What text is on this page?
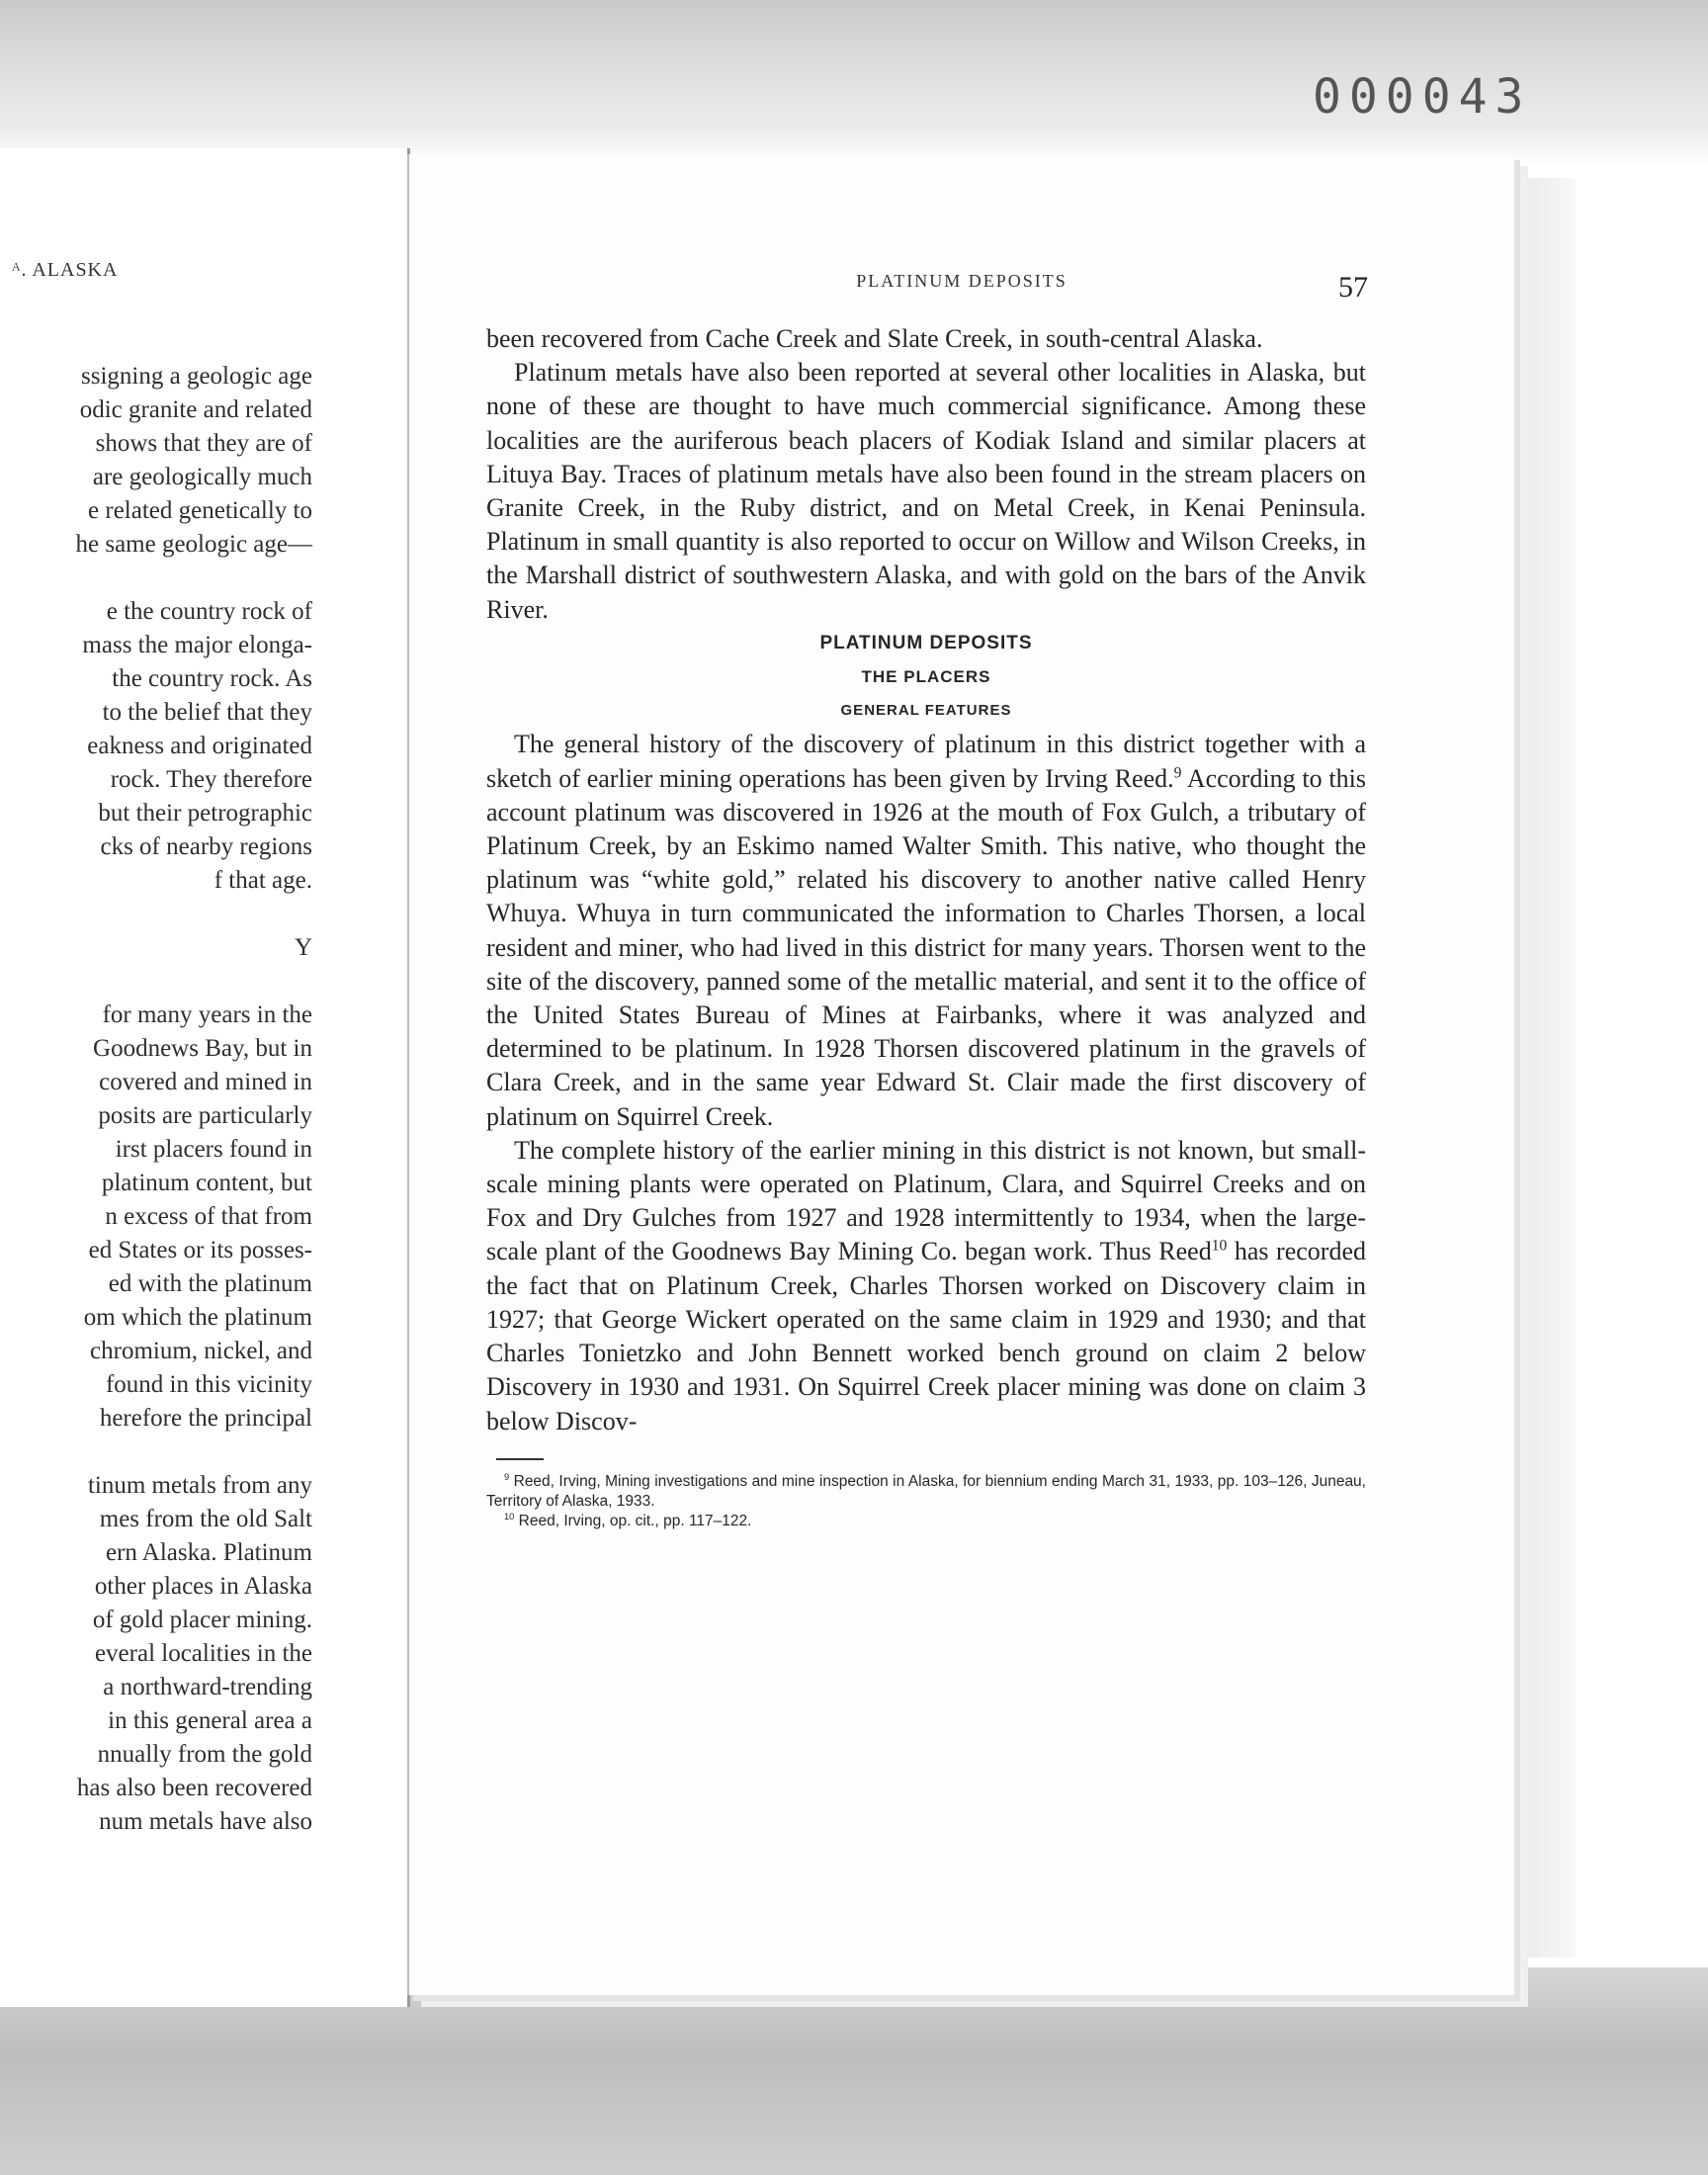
000043
ᴬ. ALASKA
ssigning a geologic age
odic granite and related
shows that they are of
are geologically much
e related genetically to
he same geologic age—
e the country rock of
mass the major elonga-
the country rock. As
to the belief that they
eakness and originated
rock. They therefore
but their petrographic
cks of nearby regions
f that age.
Y
for many years in the
Goodnews Bay, but in
covered and mined in
posits are particularly
irst placers found in
platinum content, but
n excess of that from
ed States or its posses-
ed with the platinum
om which the platinum
chromium, nickel, and
found in this vicinity
herefore the principal
tinum metals from any
mes from the old Salt
ern Alaska. Platinum
other places in Alaska
of gold placer mining.
everal localities in the
a northward-trending
in this general area a
nnually from the gold
has also been recovered
num metals have also
PLATINUM DEPOSITS	57

been recovered from Cache Creek and Slate Creek, in south-central Alaska.

Platinum metals have also been reported at several other localities in Alaska, but none of these are thought to have much commercial significance. Among these localities are the auriferous beach placers of Kodiak Island and similar placers at Lituya Bay. Traces of platinum metals have also been found in the stream placers on Granite Creek, in the Ruby district, and on Metal Creek, in Kenai Peninsula. Platinum in small quantity is also reported to occur on Willow and Wilson Creeks, in the Marshall district of southwestern Alaska, and with gold on the bars of the Anvik River.

PLATINUM DEPOSITS

THE PLACERS

GENERAL FEATURES

The general history of the discovery of platinum in this district together with a sketch of earlier mining operations has been given by Irving Reed.$^9$ According to this account platinum was discovered in 1926 at the mouth of Fox Gulch, a tributary of Platinum Creek, by an Eskimo named Walter Smith. This native, who thought the platinum was “white gold,” related his discovery to another native called Henry Whuya. Whuya in turn communicated the information to Charles Thorsen, a local resident and miner, who had lived in this district for many years. Thorsen went to the site of the discovery, panned some of the metallic material, and sent it to the office of the United States Bureau of Mines at Fairbanks, where it was analyzed and determined to be platinum. In 1928 Thorsen discovered platinum in the gravels of Clara Creek, and in the same year Edward St. Clair made the first discovery of platinum on Squirrel Creek.

The complete history of the earlier mining in this district is not known, but small-scale mining plants were operated on Platinum, Clara, and Squirrel Creeks and on Fox and Dry Gulches from 1927 and 1928 intermittently to 1934, when the large-scale plant of the Goodnews Bay Mining Co. began work. Thus Reed$^{10}$ has recorded the fact that on Platinum Creek, Charles Thorsen worked on Discovery claim in 1927; that George Wickert operated on the same claim in 1929 and 1930; and that Charles Tonietzko and John Bennett worked bench ground on claim 2 below Discovery in 1930 and 1931. On Squirrel Creek placer mining was done on claim 3 below Discov-

$^9$ Reed, Irving, Mining investigations and mine inspection in Alaska, for biennium ending March 31, 1933, pp. 103–126, Juneau, Territory of Alaska, 1933.

$^{10}$ Reed, Irving, op. cit., pp. 117–122.
